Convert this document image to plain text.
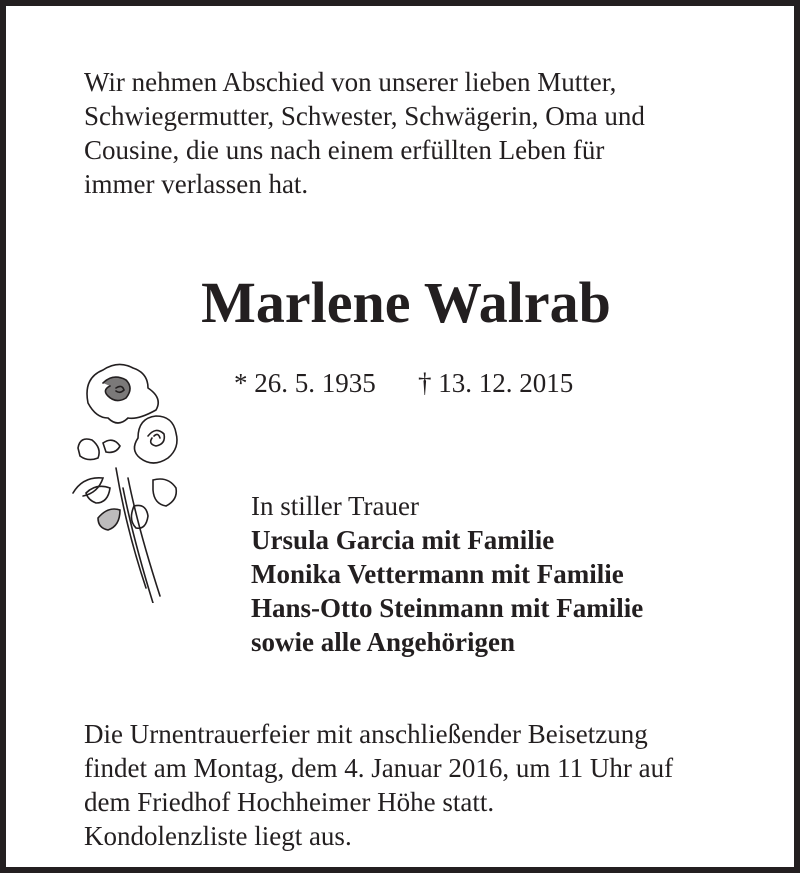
Wir nehmen Abschied von unserer lieben Mutter,
Schwiegermutter, Schwester, Schwägerin, Oma und
Cousine, die uns nach einem erfüllten Leben für
immer verlassen hat.

Marlene Walrab
* 26. 5. 1935 † 13. 12. 2015
In stiller Trauer
Ursula Garcia mit Familie
Monika Vettermann mit Familie
Hans-Otto Steinmann mit Familie
sowie alle Angehörigen

Die Urnentrauerfeier mit anschließender Beisetzung
findet am Montag, dem 4. Januar 2016, um 11 Uhr auf
dem Friedhof Hochheimer Höhe statt.
Kondolenzliste liegt aus.
